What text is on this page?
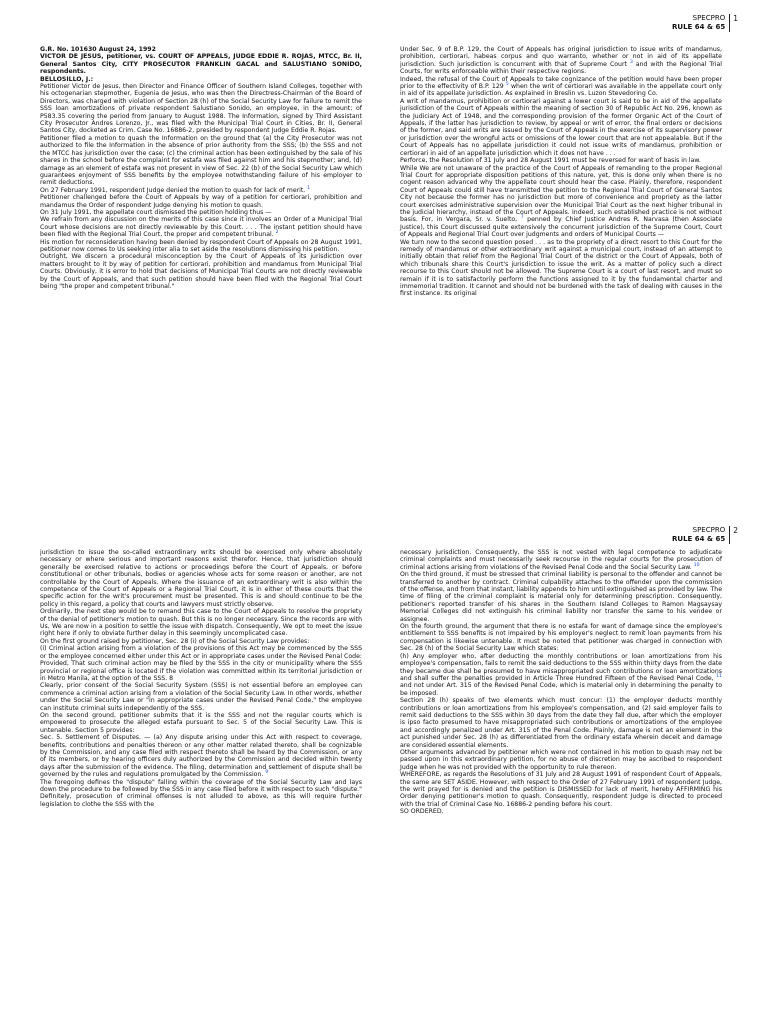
SPECPRO
RULE 64 & 65
1

G.R. No. 101630 August 24, 1992

VICTOR DE JESUS, petitioner, vs. COURT OF APPEALS, JUDGE EDDIE R. ROJAS, MTCC, Br. II, General Santos City, CITY PROSECUTOR FRANKLIN GACAL and SALUSTIANO SONIDO, respondents.

BELLOSILLO, J.:

Petitioner Victor de Jesus, then Director and Finance Officer of Southern Island Colleges, together with his octogenarian stepmother, Eugenia de Jesus, who was then the Directress-Chairman of the Board of Directors, was charged with violation of Section 28 (h) of the Social Security Law for failure to remit the SSS loan amortizations of private respondent Salustiano Sonido, an employee, in the amount; of P583.35 covering the period from January to August 1988. The Information, signed by Third Assistant City Prosecutor Andres Lorenzo, Jr., was filed with the Municipal Trial Court in Cities, Br. II, General Santos City, docketed as Crim. Case No. 16886-2, presided by respondent Judge Eddie R. Rojas.

Petitioner filed a motion to quash the Information on the ground that (a) the City Prosecutor was not authorized to file the Information in the absence of prior authority from the SSS; (b) the SSS and not the MTCC has jurisdiction over the case; (c) the criminal action has been extinguished by the sale of his shares in the school before the complaint for estafa was filed against him and his stepmother; and, (d) damage as an element of estafa was not present in view of Sec. 22 (b) of the Social Security Law which guarantees enjoyment of SSS benefits by the employee notwithstanding failure of his employer to remit deductions.

On 27 February 1991, respondent Judge denied the motion to quash for lack of merit. $^1$

Petitioner challenged before the Court of Appeals by way of a petition for certiorari, prohibition and mandamus the Order of respondent Judge denying his motion to quash.

On 31 July 1991, the appellate court dismissed the petition holding thus —

We refrain from any discussion on the merits of this case since it involves an Order of a Municipal Trial Court whose decisions are not directly reviewable by this Court. . . . The instant petition should have been filed with the Regional Trial Court, the proper and competent tribunal. $^2$

His motion for reconsideration having been denied by respondent Court of Appeals on 28 August 1991, petitioner now comes to Us seeking inter alia to set aside the resolutions dismissing his petition.

Outright, We discern a procedural misconception by the Court of Appeals of its jurisdiction over matters brought to it by way of petition for certiorari, prohibition and mandamus from Municipal Trial Courts. Obviously, it is error to hold that decisions of Municipal Trial Courts are not directly reviewable by the Court of Appeals, and that such petition should have been filed with the Regional Trial Court being "the proper and competent tribunal."

Under Sec. 9 of B.P. 129, the Court of Appeals has original jurisdiction to issue writs of mandamus, prohibition, certiorari, habeas corpus and quo warranto, whether or not in aid of its appellate jurisdiction. Such jurisdiction is concurrent with that of Supreme Court $^3$ and with the Regional Trial Courts, for writs enforceable within their respective regions.

Indeed, the refusal of the Court of Appeals to take cognizance of the petition would have been proper prior to the effectivity of B.P. 129 $^5$ when the writ of certiorari was available in the appellate court only in aid of its appellate jurisdiction. As explained in Breslin vs. Luzon Stevedoring Co.

A writ of mandamus, prohibition or certiorari against a lower court is said to be in aid of the appellate jurisdiction of the Court of Appeals within the meaning of section 30 of Republic Act No. 296, known as the Judiciary Act of 1948, and the corresponding provision of the former Organic Act of the Court of Appeals, if the latter has jurisdiction to review, by appeal or writ of error, the final orders or decisions of the former, and said writs are issued by the Court of Appeals in the exercise of its supervisory power or jurisdiction over the wrongful acts or omissions of the lower court that are not appealable. But if the Court of Appeals has no appellate jurisdiction it could not issue writs of mandamus, prohibition or certiorari in aid of an appellate jurisdiction which it does not have . . .

Perforce, the Resolution of 31 July and 28 August 1991 must be reversed for want of basis in law.

While We are not unaware of the practice of the Court of Appeals of remanding to the proper Regional Trial Court for appropriate disposition petitions of this nature, yet, this is done only when there is no cogent reason advanced why the appellate court should hear the case. Plainly, therefore, respondent Court of Appeals could still have transmitted the petition to the Regional Trial Court of General Santos City not because the former has no jurisdiction but more of convenience and propriety as the latter court exercises administrative supervision over the Municipal Trial Court as the next higher tribunal in the judicial hierarchy, instead of the Court of Appeals. Indeed, such established practice is not without basis. For, in Vergara, Sr. v. Suelto, $^7$ penned by Chief Justice Andres R. Narvasa (then Associate Justice), this Court discussed quite extensively the concurrent jurisdiction of the Supreme Court, Court of Appeals and Regional Trial Court over judgments and orders of Municipal Courts —

We turn now to the second question posed . . . as to the propriety of a direct resort to this Court for the remedy of mandamus or other extraordinary writ against a municipal court, instead of an attempt to initially obtain that relief from the Regional Trial Court of the district or the Court of Appeals, both of which tribunals share this Court's jurisdiction to issue the writ. As a matter of policy such a direct recourse to this Court should not be allowed. The Supreme Court is a court of last resort, and must so remain if it is to satisfactorily perform the functions assigned to it by the fundamental charter and immemorial tradition. It cannot and should not be burdened with the task of dealing with causes in the first instance. Its original

SPECPRO
RULE 64 & 65
2

jurisdiction to issue the so-called extraordinary writs should be exercised only where absolutely necessary or where serious and important reasons exist therefor. Hence, that jurisdiction should generally be exercised relative to actions or proceedings before the Court of Appeals, or before constitutional or other tribunals, bodies or agencies whose acts for some reason or another, are not controllable by the Court of Appeals. Where the issuance of an extraordinary writ is also within the competence of the Court of Appeals or a Regional Trial Court, it is in either of these courts that the specific action for the writ's procurement must be presented. This is and should continue to be the policy in this regard, a policy that courts and lawyers must strictly observe.

Ordinarily, the next step would be to remand this case to the Court of Appeals to resolve the propriety of the denial of petitioner's motion to quash. But this is no longer necessary. Since the records are with Us, We are now in a position to settle the issue with dispatch. Consequently, We opt to meet the issue right here if only to obviate further delay in this seemingly uncomplicated case.

On the first ground raised by petitioner, Sec. 28 (i) of the Social Security Law provides:

(i) Criminal action arising from a violation of the provisions of this Act may be commenced by the SSS or the employee concerned either under this Act or in appropriate cases under the Revised Penal Code: Provided, That such criminal action may be filed by the SSS in the city or municipality where the SSS provincial or regional office is located if the violation was committed within its territorial jurisdiction or in Metro Manila, at the option of the SSS. 8

Clearly, prior consent of the Social Security System (SSS) is not essential before an employee can commence a criminal action arising from a violation of the Social Security Law. In other words, whether under the Social Security Law or "in appropriate cases under the Revised Penal Code," the employee can institute criminal suits independently of the SSS.

On the second ground, petitioner submits that it is the SSS and not the regular courts which is empowered to prosecute the alleged estafa pursuant to Sec. 5 of the Social Security Law. This is untenable. Section 5 provides:

Sec. 5. Settlement of Disputes. — (a) Any dispute arising under this Act with respect to coverage, benefits, contributions and penalties thereon or any other matter related thereto, shall be cognizable by the Commission, and any case filed with respect thereto shall be heard by the Commission, or any of its members, or by hearing officers duly authorized by the Commission and decided within twenty days after the submission of the evidence. The filing, determination and settlement of dispute shall be governed by the rules and regulations promulgated by the Commission. $^9$

The foregoing defines the "dispute" falling within the coverage of the Social Security Law and lays down the procedure to be followed by the SSS in any case filed before it with respect to such "dispute." Definitely, prosecution of criminal offenses is not alluded to above, as this will require further legislation to clothe the SSS with the

necessary jurisdiction. Consequently, the SSS is not vested with legal competence to adjudicate criminal complaints and must necessarily seek recourse in the regular courts for the prosecution of criminal actions arising from violations of the Revised Penal Code and the Social Security Law. $^{10}$

On the third ground, it must be stressed that criminal liability is personal to the offender and cannot be transferred to another by contract. Criminal culpability attaches to the offender upon the commission of the offense, and from that instant, liability appends to him until extinguished as provided by law. The time of filing of the criminal complaint is material only for determining prescription. Consequently, petitioner's reported transfer of his shares in the Southern Island Colleges to Ramon Magsaysay Memorial Colleges did not extinguish his criminal liability nor transfer the same to his vendee or assignee.

On the fourth ground, the argument that there is no estafa for want of damage since the employee's entitlement to SSS benefits is not impaired by his employer's neglect to remit loan payments from his compensation is likewise untenable. It must be noted that petitioner was charged in connection with Sec. 28 (h) of the Social Security Law which states:

(h) Any employer who, after deducting the monthly contributions or loan amortizations from his employee's compensation, fails to remit the said deductions to the SSS within thirty days from the date they became due shall be presumed to have misappropriated such contributions or loan amortizations and shall suffer the penalties provided in Article Three Hundred Fifteen of the Revised Penal Code, $^{11}$ and not under Art. 315 of the Revised Penal Code, which is material only in determining the penalty to be imposed.

Section 28 (h) speaks of two elements which must concur: (1) the employer deducts monthly contributions or loan amortizations from his employee's compensation, and (2) said employer fails to remit said deductions to the SSS within 30 days from the date they fall due, after which the employer is ipso facto presumed to have misappropriated such contributions or amortizations of the employee and accordingly penalized under Art. 315 of the Penal Code. Plainly, damage is not an element in the act punished under Sec. 28 (h) as differentiated from the ordinary estafa wherein deceit and damage are considered essential elements.

Other arguments advanced by petitioner which were not contained in his motion to quash may not be passed upon in this extraordinary petition, for no abuse of discretion may be ascribed to respondent Judge when he was not provided with the opportunity to rule thereon.

WHEREFORE, as regards the Resolutions of 31 July and 28 August 1991 of respondent Court of Appeals, the same are SET ASIDE. However, with respect to the Order of 27 February 1991 of respondent Judge, the writ prayed for is denied and the petition is DISMISSED for lack of merit, hereby AFFIRMING his Order denying petitioner's motion to quash. Consequently, respondent Judge is directed to proceed with the trial of Criminal Case No. 16886-2 pending before his court.

SO ORDERED.
